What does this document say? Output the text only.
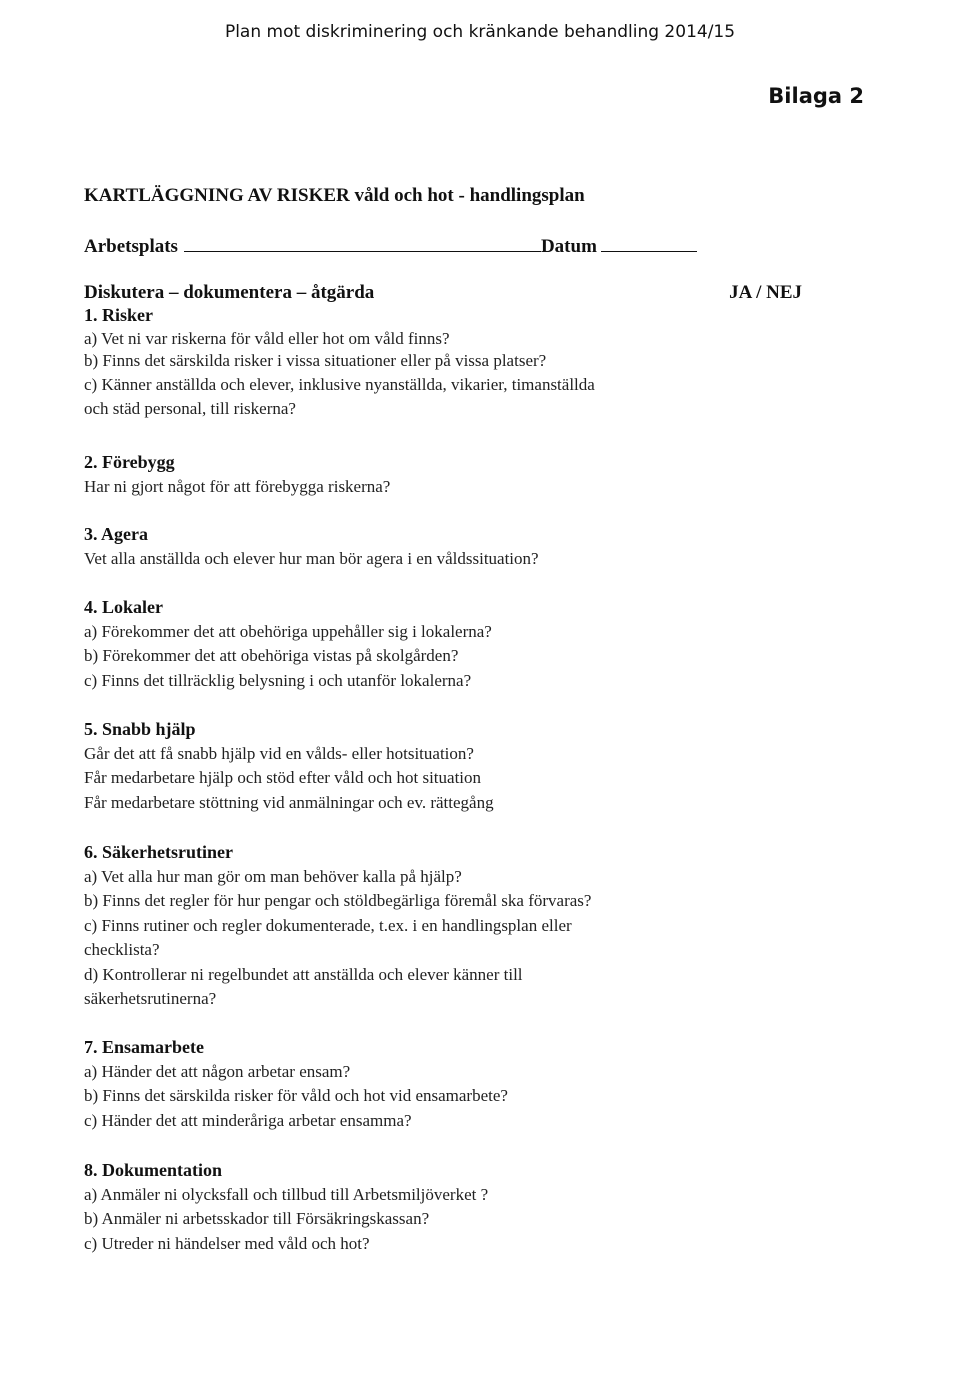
Plan mot diskriminering och kränkande behandling 2014/15
Bilaga 2
KARTLÄGGNING AV RISKER våld och hot - handlingsplan
Arbetsplats	Datum
Diskutera – dokumentera – åtgärda	JA / NEJ
1. Risker
a) Vet ni var riskerna för våld eller hot om våld finns?
b) Finns det särskilda risker i vissa situationer eller på vissa platser?
c) Känner anställda och elever, inklusive nyanställda, vikarier, timanställda
och städ personal, till riskerna?
2. Förebygg
Har ni gjort något för att förebygga riskerna?
3. Agera
Vet alla anställda och elever hur man bör agera i en våldssituation?
4. Lokaler
a) Förekommer det att obehöriga uppehåller sig i lokalerna?
b) Förekommer det att obehöriga vistas på skolgården?
c) Finns det tillräcklig belysning i och utanför lokalerna?
5. Snabb hjälp
Går det att få snabb hjälp vid en vålds- eller hotsituation?
Får medarbetare hjälp och stöd efter våld och hot situation
Får medarbetare stöttning vid anmälningar och ev. rättegång
6. Säkerhetsrutiner
a) Vet alla hur man gör om man behöver kalla på hjälp?
b) Finns det regler för hur pengar och stöldbegärliga föremål ska förvaras?
c) Finns rutiner och regler dokumenterade, t.ex. i en handlingsplan eller
checklista?
d) Kontrollerar ni regelbundet att anställda och elever känner till
säkerhetsrutinerna?
7. Ensamarbete
a) Händer det att någon arbetar ensam?
b) Finns det särskilda risker för våld och hot vid ensamarbete?
c) Händer det att minderåriga arbetar ensamma?
8. Dokumentation
a) Anmäler ni olycksfall och tillbud till Arbetsmiljöverket ?
b) Anmäler ni arbetsskador till Försäkringskassan?
c) Utreder ni händelser med våld och hot?
